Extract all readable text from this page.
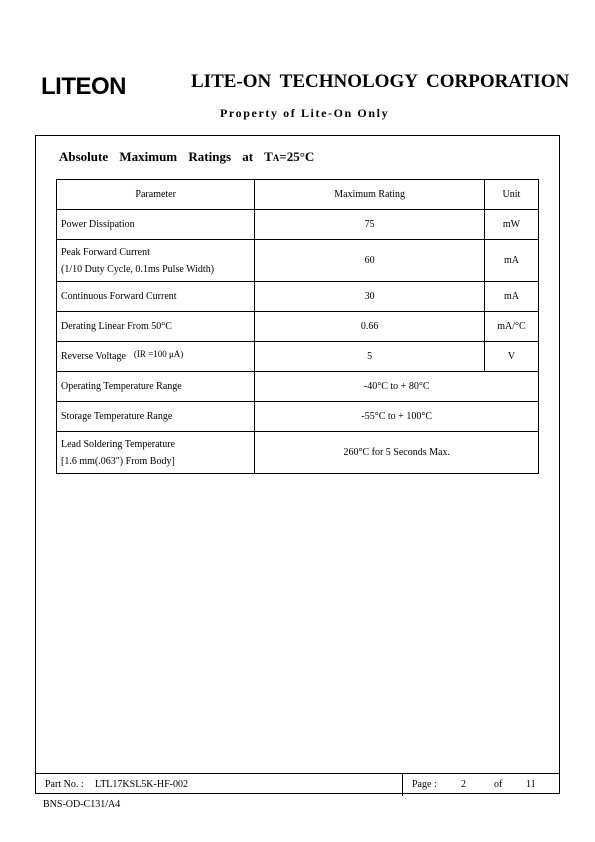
LITEON	LITE-ON TECHNOLOGY CORPORATION
Property of Lite-On Only
Absolute Maximum Ratings at TA=25°C
Parameter	Maximum Rating	Unit
Power Dissipation	75	mW

Peak Forward Current
(1/10 Duty Cycle, 0.1ms Pulse Width)	60	mA
Continuous Forward Current	30	mA
Derating Linear From 50°C	0.66	mA/°C
Reverse Voltage (IR =100 μA)	5	V
Operating Temperature Range	-40°C to + 80°C	
Storage Temperature Range	-55°C to + 100°C	

Lead Soldering Temperature
[1.6 mm(.063") From Body]	260°C for 5 Seconds Max.	
Part No. : LTL17KSL5K-HF-002	Page : 2	of 11
BNS-OD-C131/A4
